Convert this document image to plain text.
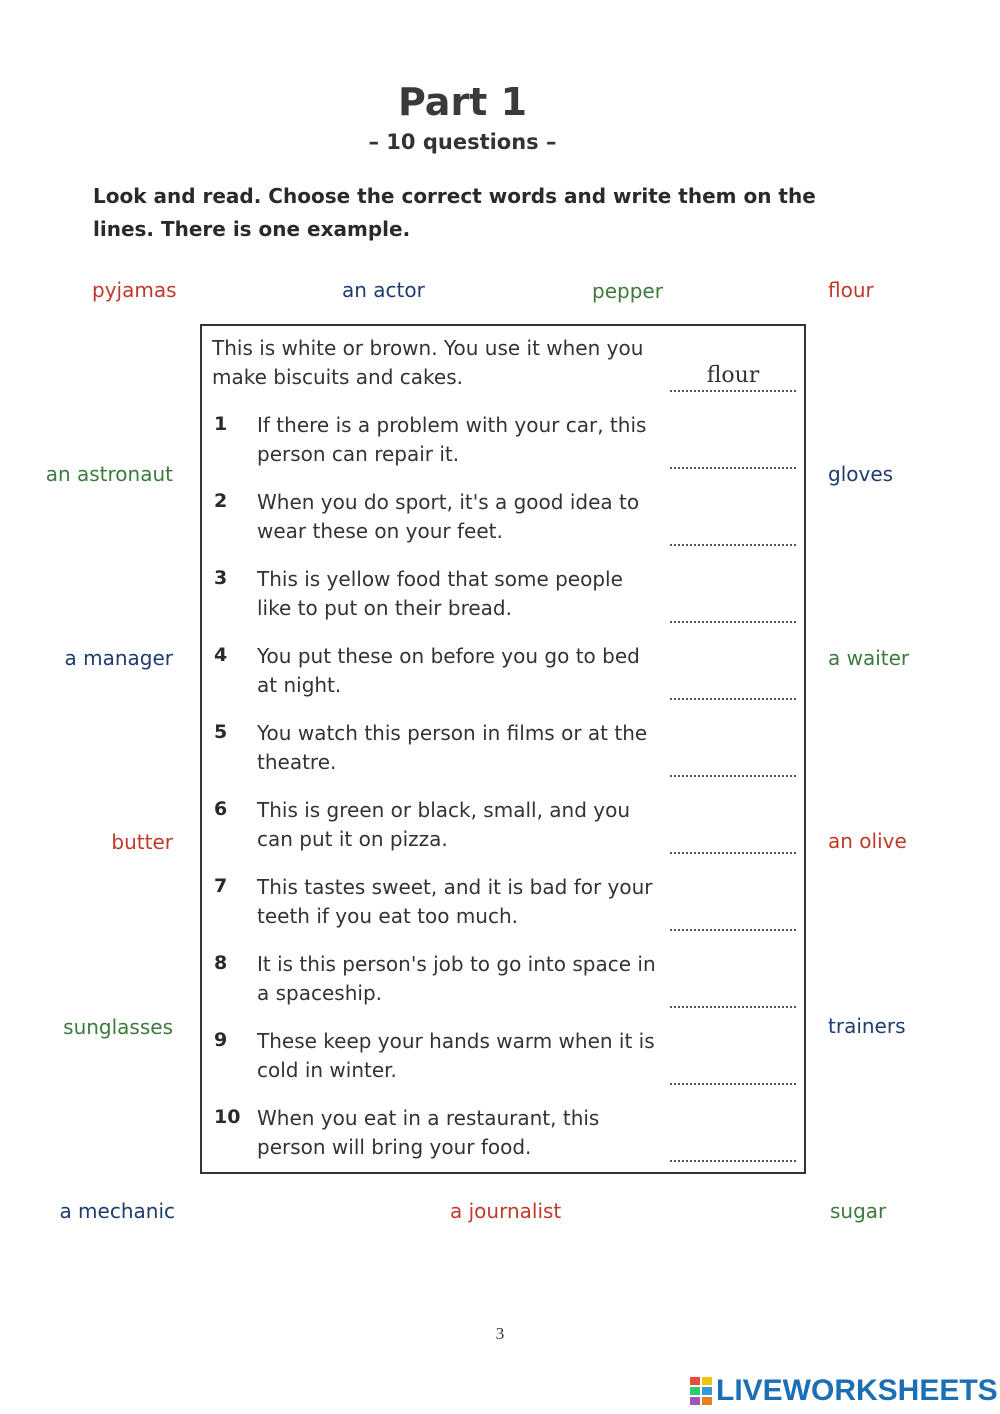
Part 1
– 10 questions –
Look and read. Choose the correct words and write them on the lines. There is one example.
pyjamas	an actor	pepper	flour
an astronaut	gloves
a manager	a waiter
butter	an olive
sunglasses	trainers
a mechanic	a journalist	sugar
This is white or brown. You use it when you make biscuits and cakes.	flour
1	If there is a problem with your car, this person can repair it.
2	When you do sport, it's a good idea to wear these on your feet.
3	This is yellow food that some people like to put on their bread.
4	You put these on before you go to bed at night.
5	You watch this person in films or at the theatre.
6	This is green or black, small, and you can put it on pizza.
7	This tastes sweet, and it is bad for your teeth if you eat too much.
8	It is this person's job to go into space in a spaceship.
9	These keep your hands warm when it is cold in winter.
10 When you eat in a restaurant, this person will bring your food.
3
LIVEWORKSHEETS
